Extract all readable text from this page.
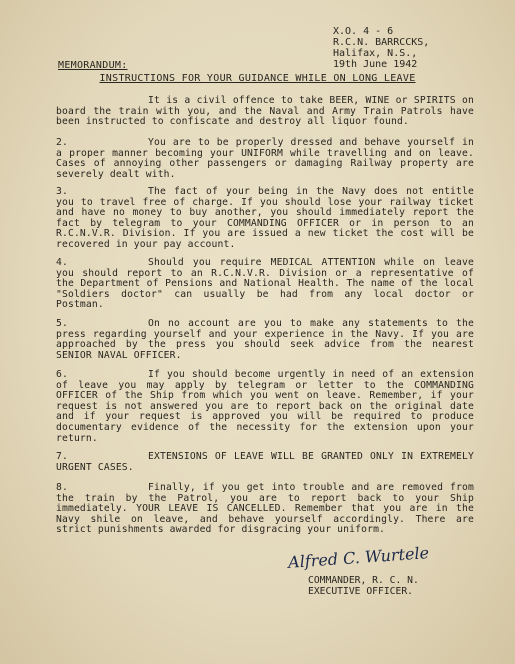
X.O. 4 - 6
R.C.N. BARRCCKS,
Halifax, N.S.,
19th June 1942
MEMORANDUM:
INSTRUCTIONS FOR YOUR GUIDANCE WHILE ON LONG LEAVE
It is a civil offence to take BEER, WINE or SPIRITS on board the train with you, and the Naval and Army Train Patrols have been instructed to confiscate and destroy all liquor found.
2.	You are to be properly dressed and behave yourself in a proper manner becoming your UNIFORM while travelling and on leave. Cases of annoying other passengers or damaging Railway property are severely dealt with.
3.	The fact of your being in the Navy does not entitle you to travel free of charge. If you should lose your railway ticket and have no money to buy another, you should immediately report the fact by telegram to your COMMANDING OFFICER or in person to an R.C.N.V.R. Division. If you are issued a new ticket the cost will be recovered in your pay account.
4.	Should you require MEDICAL ATTENTION while on leave you should report to an R.C.N.V.R. Division or a representative of the Department of Pensions and National Health. The name of the local "Soldiers doctor" can usually be had from any local doctor or Postman.
5.	On no account are you to make any statements to the press regarding yourself and your experience in the Navy. If you are approached by the press you should seek advice from the nearest SENIOR NAVAL OFFICER.
6.	If you should become urgently in need of an extension of leave you may apply by telegram or letter to the COMMANDING OFFICER of the Ship from which you went on leave. Remember, if your request is not answered you are to report back on the original date and if your request is approved you will be required to produce documentary evidence of the necessity for the extension upon your return.
7.	EXTENSIONS OF LEAVE WILL BE GRANTED ONLY IN EXTREMELY URGENT CASES.
8.	Finally, if you get into trouble and are removed from the train by the Patrol, you are to report back to your Ship immediately. YOUR LEAVE IS CANCELLED. Remember that you are in the Navy shile on leave, and behave yourself accordingly. There are strict punishments awarded for disgracing your uniform.
Alfred C. Wurtele
COMMANDER, R. C. N.
EXECUTIVE OFFICER.
